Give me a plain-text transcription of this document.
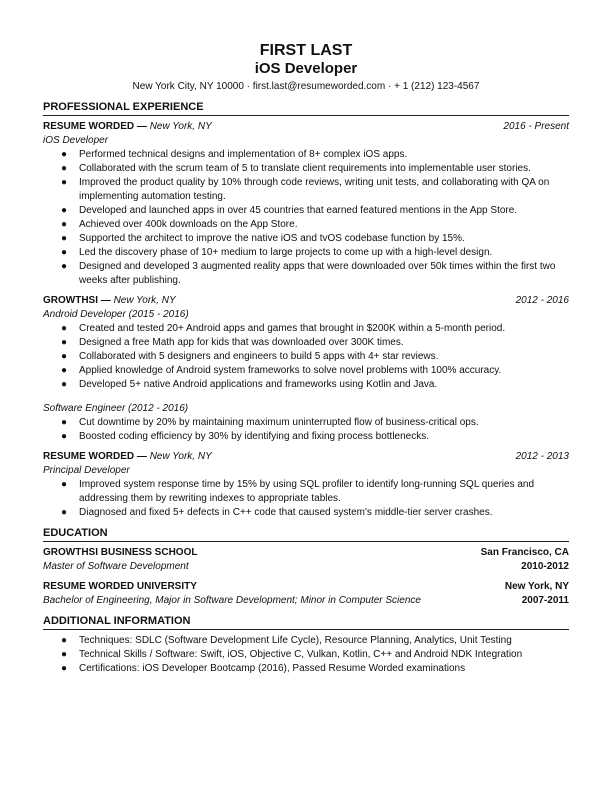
FIRST LAST
iOS Developer
New York City, NY 10000 · first.last@resumeworded.com · + 1 (212) 123-4567
PROFESSIONAL EXPERIENCE
RESUME WORDED — New York, NY	2016 - Present
iOS Developer
● Performed technical designs and implementation of 8+ complex iOS apps.
● Collaborated with the scrum team of 5 to translate client requirements into implementable user stories.
● Improved the product quality by 10% through code reviews, writing unit tests, and collaborating with QA on implementing automation testing.
● Developed and launched apps in over 45 countries that earned featured mentions in the App Store.
● Achieved over 400k downloads on the App Store.
● Supported the architect to improve the native iOS and tvOS codebase function by 15%.
● Led the discovery phase of 10+ medium to large projects to come up with a high-level design.
● Designed and developed 3 augmented reality apps that were downloaded over 50k times within the first two weeks after publishing.
GROWTHSI — New York, NY	2012 - 2016
Android Developer (2015 - 2016)
● Created and tested 20+ Android apps and games that brought in $200K within a 5-month period.
● Designed a free Math app for kids that was downloaded over 300K times.
● Collaborated with 5 designers and engineers to build 5 apps with 4+ star reviews.
● Applied knowledge of Android system frameworks to solve novel problems with 100% accuracy.
● Developed 5+ native Android applications and frameworks using Kotlin and Java.
Software Engineer (2012 - 2016)
● Cut downtime by 20% by maintaining maximum uninterrupted flow of business-critical ops.
● Boosted coding efficiency by 30% by identifying and fixing process bottlenecks.
RESUME WORDED — New York, NY	2012 - 2013
Principal Developer
● Improved system response time by 15% by using SQL profiler to identify long-running SQL queries and addressing them by rewriting indexes to appropriate tables.
● Diagnosed and fixed 5+ defects in C++ code that caused system's middle-tier server crashes.
EDUCATION
GROWTHSI BUSINESS SCHOOL	San Francisco, CA
Master of Software Development	2010-2012
RESUME WORDED UNIVERSITY	New York, NY
Bachelor of Engineering, Major in Software Development; Minor in Computer Science	2007-2011
ADDITIONAL INFORMATION
● Techniques: SDLC (Software Development Life Cycle), Resource Planning, Analytics, Unit Testing
● Technical Skills / Software: Swift, iOS, Objective C, Vulkan, Kotlin, C++ and Android NDK Integration
● Certifications: iOS Developer Bootcamp (2016), Passed Resume Worded examinations
